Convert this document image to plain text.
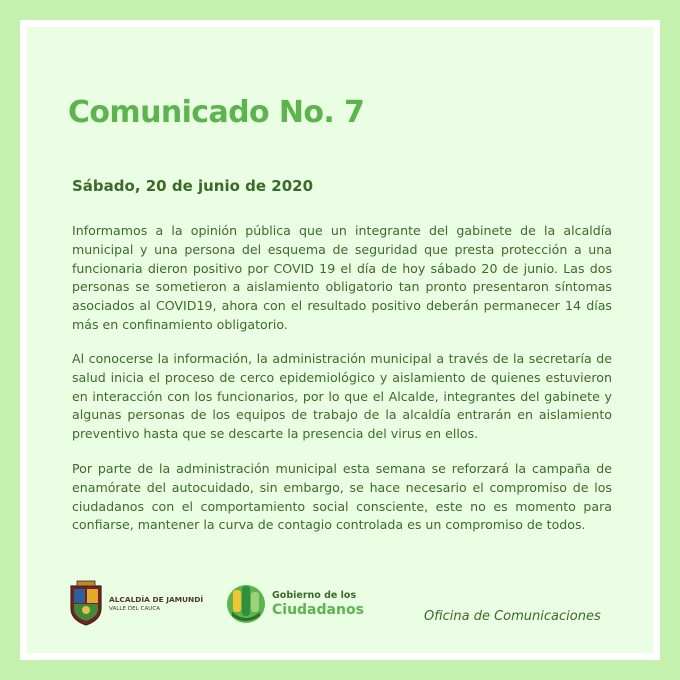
Comunicado No. 7
Sábado, 20 de junio de 2020

Informamos a la opinión pública que un integrante del gabinete de la alcaldía municipal y una persona del esquema de seguridad que presta protección a una funcionaria dieron positivo por COVID 19 el día de hoy sábado 20 de junio. Las dos personas se sometieron a aislamiento obligatorio tan pronto presentaron síntomas asociados al COVID19, ahora con el resultado positivo deberán permanecer 14 días más en confinamiento obligatorio.

Al conocerse la información, la administración municipal a través de la secretaría de salud inicia el proceso de cerco epidemiológico y aislamiento de quienes estuvieron en interacción con los funcionarios, por lo que el Alcalde, integrantes del gabinete y algunas personas de los equipos de trabajo de la alcaldía entrarán en aislamiento preventivo hasta que se descarte la presencia del virus en ellos.

Por parte de la administración municipal esta semana se reforzará la campaña de enamórate del autocuidado, sin embargo, se hace necesario el compromiso de los ciudadanos con el comportamiento social consciente, este no es momento para confiarse, mantener la curva de contagio controlada es un compromiso de todos.

ALCALDÍA DE JAMUNDÍ
VALLE DEL CAUCA
Gobierno de los
Ciudadanos	Oficina de Comunicaciones
